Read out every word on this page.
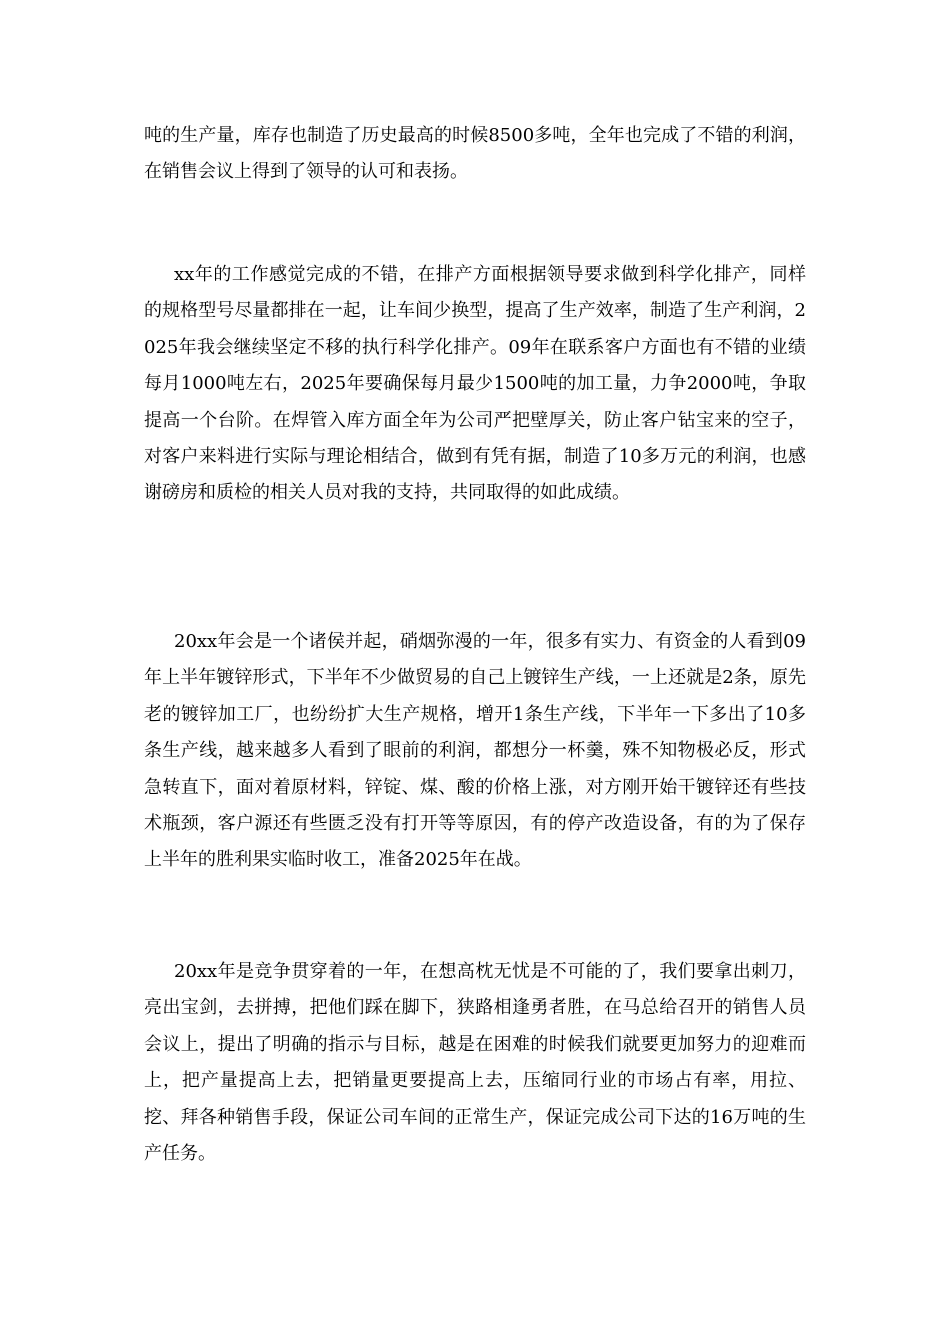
吨的生产量，库存也制造了历史最高的时候8500多吨，全年也完成了不错的利润，在销售会议上得到了领导的认可和表扬。

xx年的工作感觉完成的不错，在排产方面根据领导要求做到科学化排产，同样的规格型号尽量都排在一起，让车间少换型，提高了生产效率，制造了生产利润，2025年我会继续坚定不移的执行科学化排产。09年在联系客户方面也有不错的业绩每月1000吨左右，2025年要确保每月最少1500吨的加工量，力争2000吨，争取提高一个台阶。在焊管入库方面全年为公司严把壁厚关，防止客户钻宝来的空子，对客户来料进行实际与理论相结合，做到有凭有据，制造了10多万元的利润，也感谢磅房和质检的相关人员对我的支持，共同取得的如此成绩。

20xx年会是一个诸侯并起，硝烟弥漫的一年，很多有实力、有资金的人看到09年上半年镀锌形式，下半年不少做贸易的自己上镀锌生产线，一上还就是2条，原先老的镀锌加工厂，也纷纷扩大生产规格，增开1条生产线，下半年一下多出了10多条生产线，越来越多人看到了眼前的利润，都想分一杯羹，殊不知物极必反，形式急转直下，面对着原材料，锌锭、煤、酸的价格上涨，对方刚开始干镀锌还有些技术瓶颈，客户源还有些匮乏没有打开等等原因，有的停产改造设备，有的为了保存上半年的胜利果实临时收工，准备2025年在战。

20xx年是竞争贯穿着的一年，在想高枕无忧是不可能的了，我们要拿出刺刀，亮出宝剑，去拼搏，把他们踩在脚下，狭路相逢勇者胜，在马总给召开的销售人员会议上，提出了明确的指示与目标，越是在困难的时候我们就要更加努力的迎难而上，把产量提高上去，把销量更要提高上去，压缩同行业的市场占有率，用拉、挖、拜各种销售手段，保证公司车间的正常生产，保证完成公司下达的16万吨的生产任务。
